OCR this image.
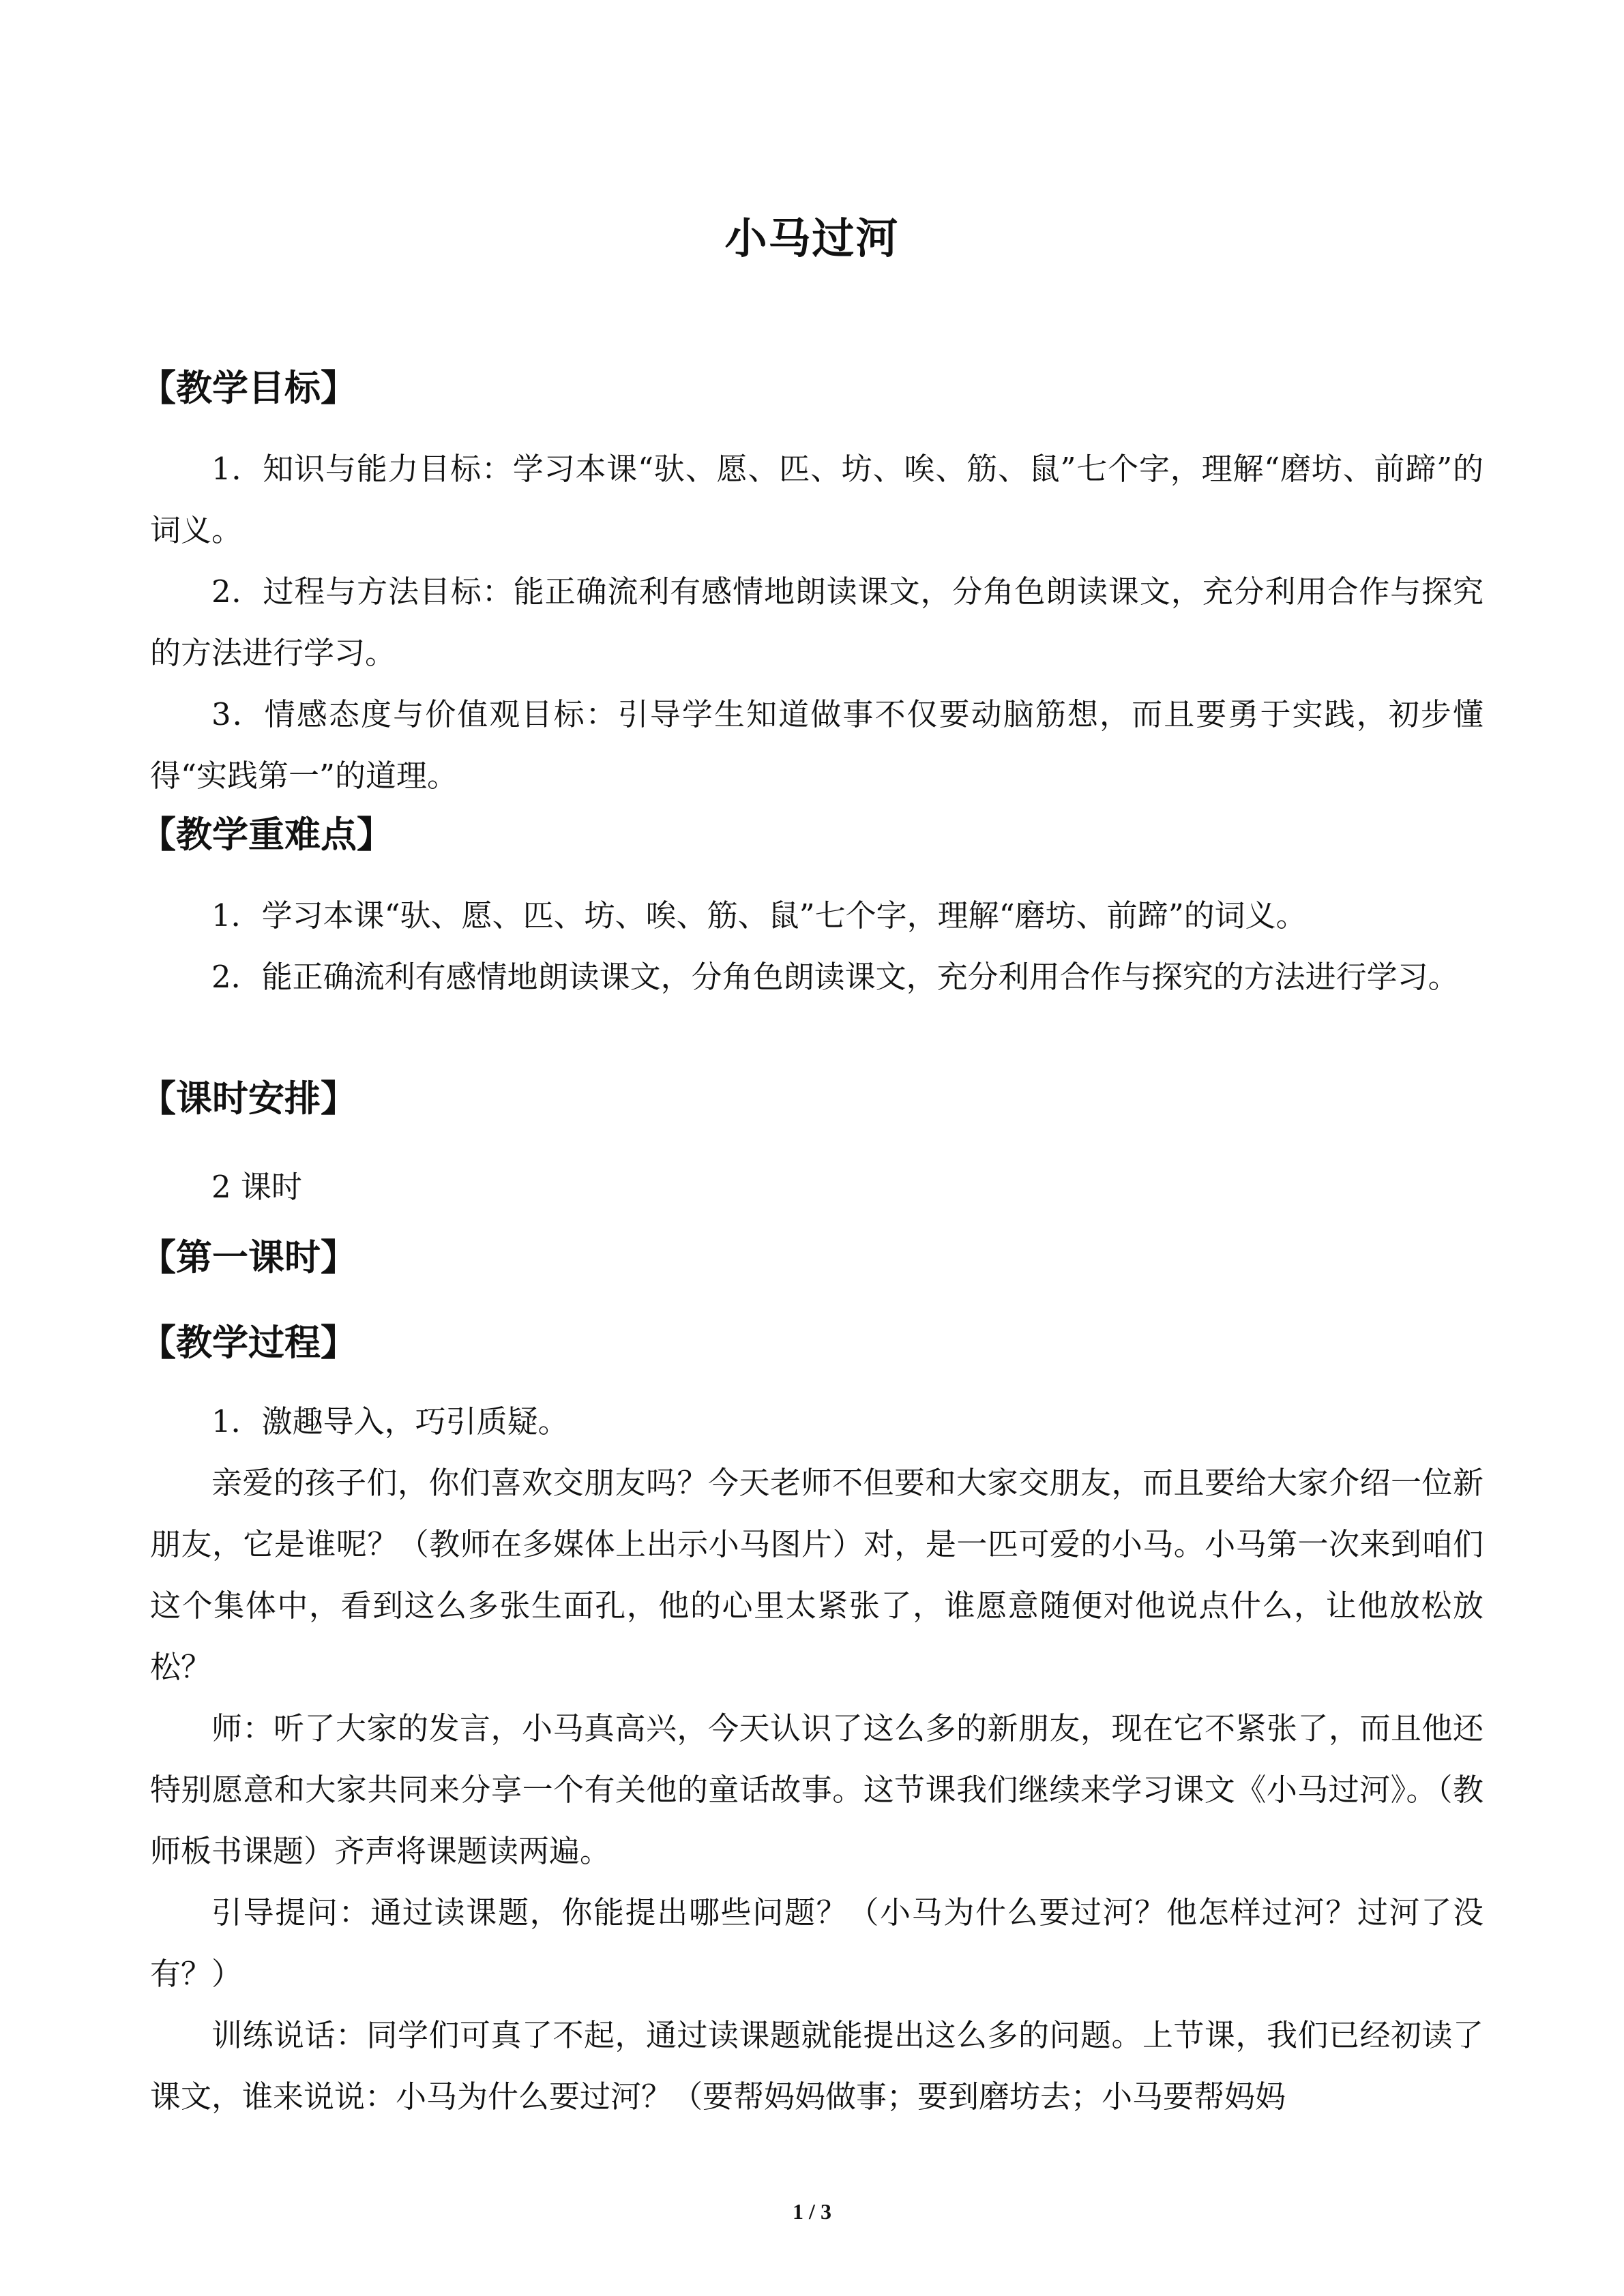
小马过河
【教学目标】

1．知识与能力目标：学习本课“驮、愿、匹、坊、唉、筋、鼠”七个字，理解“磨坊、前蹄”的词义。

2．过程与方法目标：能正确流利有感情地朗读课文，分角色朗读课文，充分利用合作与探究的方法进行学习。

3．情感态度与价值观目标：引导学生知道做事不仅要动脑筋想，而且要勇于实践，初步懂得“实践第一”的道理。

【教学重难点】

1．学习本课“驮、愿、匹、坊、唉、筋、鼠”七个字，理解“磨坊、前蹄”的词义。

2．能正确流利有感情地朗读课文，分角色朗读课文，充分利用合作与探究的方法进行学习。

【课时安排】

2 课时

【第一课时】
【教学过程】

1．激趣导入，巧引质疑。

亲爱的孩子们，你们喜欢交朋友吗？今天老师不但要和大家交朋友，而且要给大家介绍一位新朋友，它是谁呢？（教师在多媒体上出示小马图片）对，是一匹可爱的小马。小马第一次来到咱们这个集体中，看到这么多张生面孔，他的心里太紧张了，谁愿意随便对他说点什么，让他放松放松？

师：听了大家的发言，小马真高兴，今天认识了这么多的新朋友，现在它不紧张了，而且他还特别愿意和大家共同来分享一个有关他的童话故事。这节课我们继续来学习课文《小马过河》。（教师板书课题）齐声将课题读两遍。

引导提问：通过读课题，你能提出哪些问题？（小马为什么要过河？他怎样过河？过河了没有？）

训练说话：同学们可真了不起，通过读课题就能提出这么多的问题。上节课，我们已经初读了课文，谁来说说：小马为什么要过河？（要帮妈妈做事；要到磨坊去；小马要帮妈妈

1 / 3
